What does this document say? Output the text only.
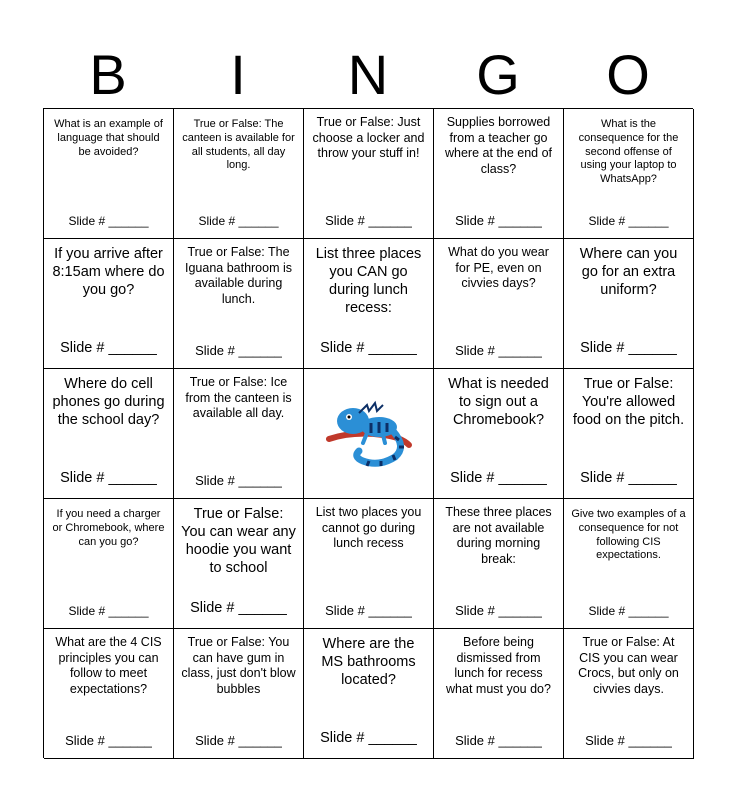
B	I	N	G	O
What is an example of language that should be avoided?
Slide # ______
True or False: The canteen is available for all students, all day long.
Slide # ______
True or False: Just choose a locker and throw your stuff in!
Slide # ______
Supplies borrowed from a teacher go where at the end of class?
Slide # ______
What is the consequence for the second offense of using your laptop to WhatsApp?
Slide # ______
If you arrive after 8:15am where do you go?
Slide # ______
True or False: The Iguana bathroom is available during lunch.
Slide # ______
List three places you CAN go during lunch recess:
Slide # ______
What do you wear for PE, even on civvies days?
Slide # ______
Where can you go for an extra uniform?
Slide # ______
Where do cell phones go during the school day?
Slide # ______
True or False: Ice from the canteen is available all day.
Slide # ______
What is needed to sign out a Chromebook?
Slide # ______
True or False: You're allowed food on the pitch.
Slide # ______
If you need a charger or Chromebook, where can you go?
Slide # ______
True or False: You can wear any hoodie you want to school
Slide # ______
List two places you cannot go during lunch recess
Slide # ______
These three places are not available during morning break:
Slide # ______
Give two examples of a consequence for not following CIS expectations.
Slide # ______
What are the 4 CIS principles you can follow to meet expectations?
Slide # ______
True or False: You can have gum in class, just don't blow bubbles
Slide # ______
Where are the MS bathrooms located?
Slide # ______
Before being dismissed from lunch for recess what must you do?
Slide # ______
True or False: At CIS you can wear Crocs, but only on civvies days.
Slide # ______
